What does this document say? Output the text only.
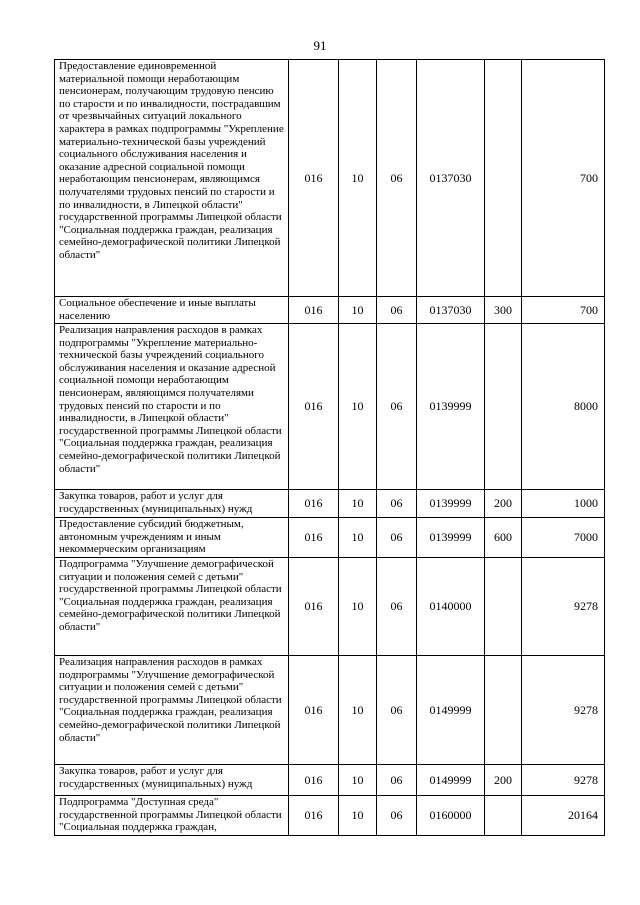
91
Предоставление единовременной материальной помощи неработающим пенсионерам, получающим трудовую пенсию по старости и по инвалидности, пострадавшим от чрезвычайных ситуаций локального характера в рамках подпрограммы "Укрепление материально-технической базы учреждений социального обслуживания населения и оказание адресной социальной помощи неработающим пенсионерам, являющимся получателями трудовых пенсий по старости и по инвалидности, в Липецкой области" государственной программы Липецкой области "Социальная поддержка граждан, реализация семейно-демографической политики Липецкой области"	016	10	06	0137030		700
Социальное обеспечение и иные выплаты населению	016	10	06	0137030	300	700
Реализация направления расходов в рамках подпрограммы "Укрепление материально-технической базы учреждений социального обслуживания населения и оказание адресной социальной помощи неработающим пенсионерам, являющимся получателями трудовых пенсий по старости и по инвалидности, в Липецкой области" государственной программы Липецкой области "Социальная поддержка граждан, реализация семейно-демографической политики Липецкой области"	016	10	06	0139999		8000
Закупка товаров, работ и услуг для государственных (муниципальных) нужд	016	10	06	0139999	200	1000
Предоставление субсидий бюджетным, автономным учреждениям и иным некоммерческим организациям	016	10	06	0139999	600	7000
Подпрограмма "Улучшение демографической ситуации и положения семей с детьми" государственной программы Липецкой области "Социальная поддержка граждан, реализация семейно-демографической политики Липецкой области"	016	10	06	0140000		9278
Реализация направления расходов в рамках подпрограммы "Улучшение демографической ситуации и положения семей с детьми" государственной программы Липецкой области "Социальная поддержка граждан, реализация семейно-демографической политики Липецкой области"	016	10	06	0149999		9278
Закупка товаров, работ и услуг для государственных (муниципальных) нужд	016	10	06	0149999	200	9278
Подпрограмма "Доступная среда" государственной программы Липецкой области "Социальная поддержка граждан,	016	10	06	0160000		20164
